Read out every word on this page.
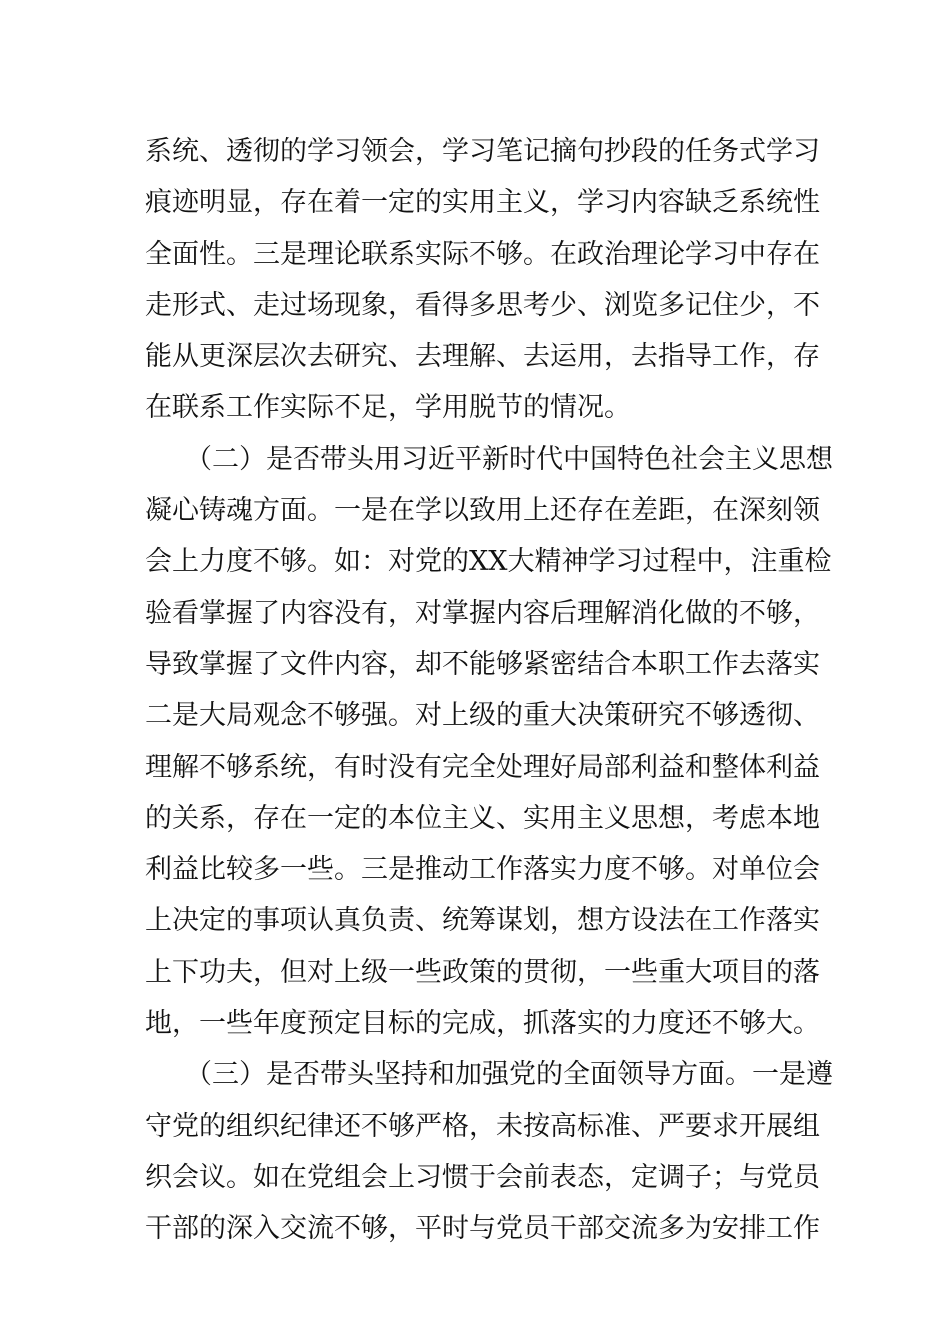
系统、透彻的学习领会，学习笔记摘句抄段的任务式学习
痕迹明显，存在着一定的实用主义，学习内容缺乏系统性
全面性。三是理论联系实际不够。在政治理论学习中存在
走形式、走过场现象，看得多思考少、浏览多记住少，不
能从更深层次去研究、去理解、去运用，去指导工作，存
在联系工作实际不足，学用脱节的情况。
（二）是否带头用习近平新时代中国特色社会主义思想
凝心铸魂方面。一是在学以致用上还存在差距，在深刻领
会上力度不够。如：对党的XX大精神学习过程中，注重检
验看掌握了内容没有，对掌握内容后理解消化做的不够，
导致掌握了文件内容，却不能够紧密结合本职工作去落实
二是大局观念不够强。对上级的重大决策研究不够透彻、
理解不够系统，有时没有完全处理好局部利益和整体利益
的关系，存在一定的本位主义、实用主义思想，考虑本地
利益比较多一些。三是推动工作落实力度不够。对单位会
上决定的事项认真负责、统筹谋划，想方设法在工作落实
上下功夫，但对上级一些政策的贯彻，一些重大项目的落
地，一些年度预定目标的完成，抓落实的力度还不够大。
（三）是否带头坚持和加强党的全面领导方面。一是遵
守党的组织纪律还不够严格，未按高标准、严要求开展组
织会议。如在党组会上习惯于会前表态，定调子；与党员
干部的深入交流不够，平时与党员干部交流多为安排工作
